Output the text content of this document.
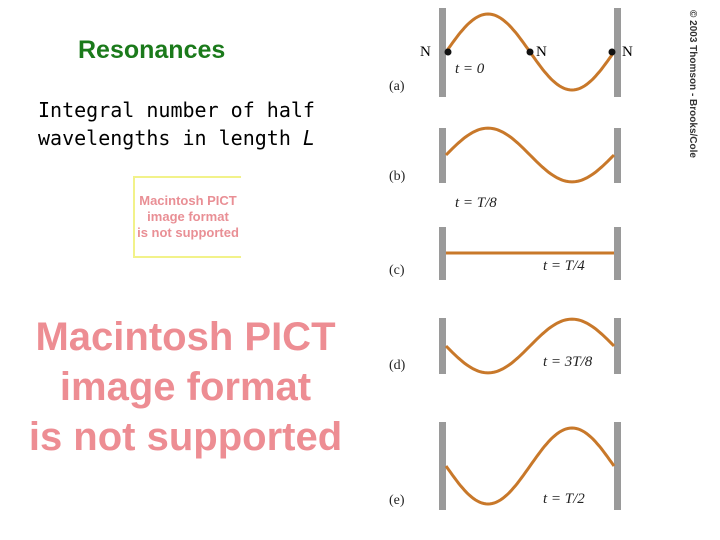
Resonances
Integral number of half
wavelengths in length L
Macintosh PICT
image format
is not supported
Macintosh PICT
image format
is not supported
(a)
t = 0
(b)
t = T/8
(c)	t = T/4
(d)	t = 3T/8
(e)	t = T/2
N	N	N	© 2003 Thomson - Brooks/Cole
